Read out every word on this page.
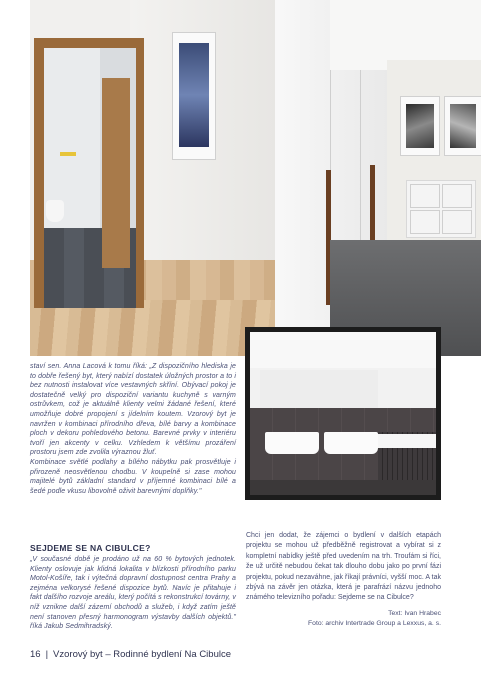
staví sen. Anna Lacová k tomu říká: „Z dispozičního hlediska je to dobře řešený byt, který nabízí dostatek úložných prostor a to i bez nutnosti instalovat více vestavných skříní. Obývací pokoj je dostatečně velký pro dispoziční variantu kuchyně s varným ostrůvkem, což je aktuálně klienty velmi žádané řešení, které umožňuje dobré propojení s jídelním koutem. Vzorový byt je navržen v kombinaci přírodního dřeva, bílé barvy a kombinace ploch v dekoru pohledového betonu. Barevné prvky v interiéru tvoří jen akcenty v celku. Vzhledem k většímu prozáření prostoru jsem zde zvolila výraznou žluť.

Kombinace světlé podlahy a bílého nábytku pak prosvětluje i přirozeně neosvětlenou chodbu. V koupelně si zase mohou majitelé bytů základní standard v příjemné kombinaci bílé a šedé podle vkusu libovolně oživit barevnými doplňky."

SEJDEME SE NA CIBULCE?

„V současné době je prodáno už na 60 % bytových jednotek. Klienty oslovuje jak klidná lokalita v blízkosti přírodního parku Motol-Košíře, tak i výtečná dopravní dostupnost centra Prahy a zejména velkorysé řešené dispozice bytů. Navíc je přitahuje i fakt dalšího rozvoje areálu, který počítá s rekonstrukcí továrny, v níž vznikne další zázemí obchodů a služeb, i když zatím ještě není stanoven přesný harmonogram výstavby dalších objektů." říká Jakub Sedmihradský.

Chci jen dodat, že zájemci o bydlení v dalších etapách projektu se mohou už předběžně registrovat a vybírat si z kompletní nabídky ještě před uvedením na trh. Troufám si říci, že už určitě nebudou čekat tak dlouho dobu jako po první fázi projektu, pokud nezaváhne, jak říkají právníci, vyšší moc. A tak zbývá na závěr jen otázka, která je parafrází názvu jednoho známého televizního pořadu: Sejdeme se na Cibulce?

Text: Ivan Hrabec
Foto: archiv Intertrade Group a Lexxus, a. s.
16 | Vzorový byt – Rodinné bydlení Na Cibulce
